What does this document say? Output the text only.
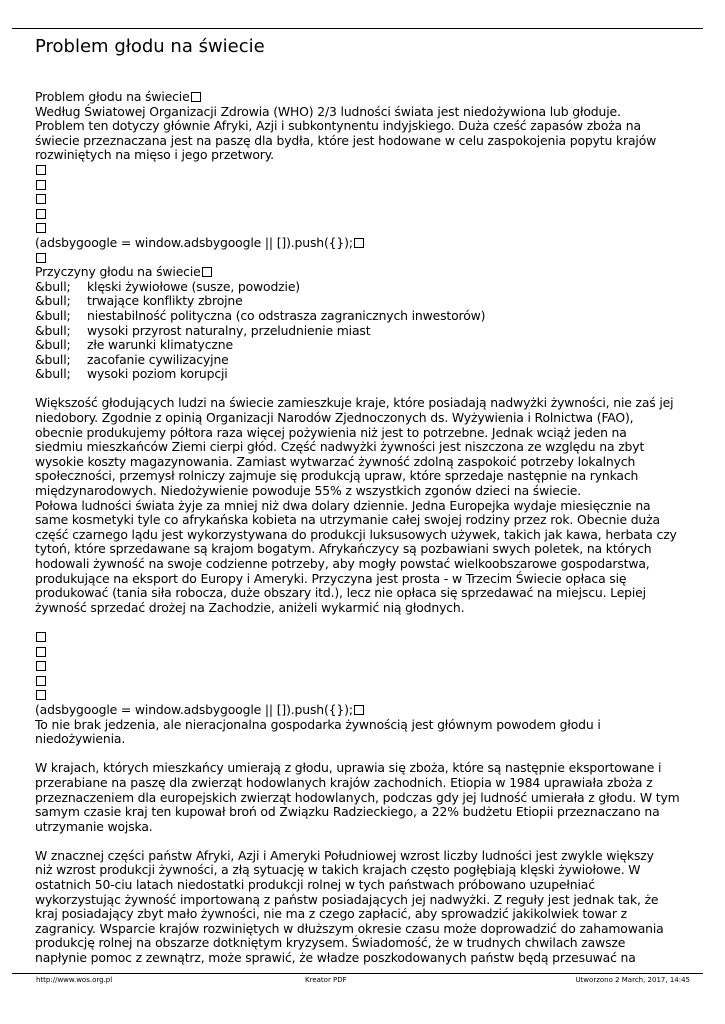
Problem głodu na świecie
Problem głodu na świecie
Według Światowej Organizacji Zdrowia (WHO) 2/3 ludności świata jest niedożywiona lub głoduje.
Problem ten dotyczy głównie Afryki, Azji i subkontynentu indyjskiego. Duża cześć zapasów zboża na
świecie przeznaczana jest na paszę dla bydła, które jest hodowane w celu zaspokojenia popytu krajów
rozwiniętych na mięso i jego przetwory.
(adsbygoogle = window.adsbygoogle || []).push({});
Przyczyny głodu na świecie
&bull; klęski żywiołowe (susze, powodzie)
&bull; trwające konflikty zbrojne
&bull; niestabilność polityczna (co odstrasza zagranicznych inwestorów)
&bull; wysoki przyrost naturalny, przeludnienie miast
&bull; złe warunki klimatyczne
&bull; zacofanie cywilizacyjne
&bull; wysoki poziom korupcji
Większość głodujących ludzi na świecie zamieszkuje kraje, które posiadają nadwyżki żywności, nie zaś jej
niedobory. Zgodnie z opinią Organizacji Narodów Zjednoczonych ds. Wyżywienia i Rolnictwa (FAO),
obecnie produkujemy półtora raza więcej pożywienia niż jest to potrzebne. Jednak wciąż jeden na
siedmiu mieszkańców Ziemi cierpi głód. Część nadwyżki żywności jest niszczona ze względu na zbyt
wysokie koszty magazynowania. Zamiast wytwarzać żywność zdolną zaspokoić potrzeby lokalnych
społeczności, przemysł rolniczy zajmuje się produkcją upraw, które sprzedaje następnie na rynkach
międzynarodowych. Niedożywienie powoduje 55% z wszystkich zgonów dzieci na świecie.
Połowa ludności świata żyje za mniej niż dwa dolary dziennie. Jedna Europejka wydaje miesięcznie na
same kosmetyki tyle co afrykańska kobieta na utrzymanie całej swojej rodziny przez rok. Obecnie duża
część czarnego lądu jest wykorzystywana do produkcji luksusowych używek, takich jak kawa, herbata czy
tytoń, które sprzedawane są krajom bogatym. Afrykańczycy są pozbawiani swych poletek, na których
hodowali żywność na swoje codzienne potrzeby, aby mogły powstać wielkoobszarowe gospodarstwa,
produkujące na eksport do Europy i Ameryki. Przyczyna jest prosta - w Trzecim Świecie opłaca się
produkować (tania siła robocza, duże obszary itd.), lecz nie opłaca się sprzedawać na miejscu. Lepiej
żywność sprzedać drożej na Zachodzie, aniżeli wykarmić nią głodnych.
(adsbygoogle = window.adsbygoogle || []).push({});
To nie brak jedzenia, ale nieracjonalna gospodarka żywnością jest głównym powodem głodu i
niedożywienia.
W krajach, których mieszkańcy umierają z głodu, uprawia się zboża, które są następnie eksportowane i
przerabiane na paszę dla zwierząt hodowlanych krajów zachodnich. Etiopia w 1984 uprawiała zboża z
przeznaczeniem dla europejskich zwierząt hodowlanych, podczas gdy jej ludność umierała z głodu. W tym
samym czasie kraj ten kupował broń od Związku Radzieckiego, a 22% budżetu Etiopii przeznaczano na
utrzymanie wojska.
W znacznej części państw Afryki, Azji i Ameryki Południowej wzrost liczby ludności jest zwykle większy
niż wzrost produkcji żywności, a złą sytuację w takich krajach często pogłębiają klęski żywiołowe. W
ostatnich 50-ciu latach niedostatki produkcji rolnej w tych państwach próbowano uzupełniać
wykorzystując żywność importowaną z państw posiadających jej nadwyżki. Z reguły jest jednak tak, że
kraj posiadający zbyt mało żywności, nie ma z czego zapłacić, aby sprowadzić jakikolwiek towar z
zagranicy. Wsparcie krajów rozwiniętych w dłuższym okresie czasu może doprowadzić do zahamowania
produkcję rolnej na obszarze dotkniętym kryzysem. Świadomość, że w trudnych chwilach zawsze
napłynie pomoc z zewnątrz, może sprawić, że władze poszkodowanych państw będą przesuwać na
http://www.wos.org.pl	Kreator PDF	Utworzono 2 March, 2017, 14:45
